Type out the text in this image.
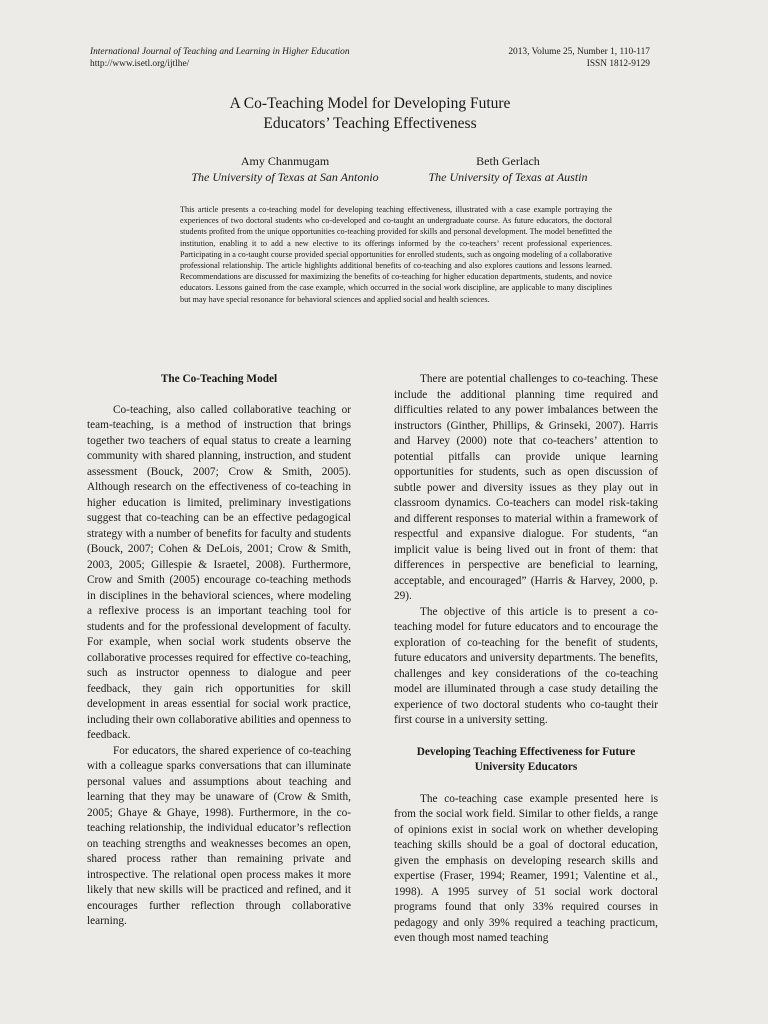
International Journal of Teaching and Learning in Higher Education	2013, Volume 25, Number 1, 110-117
http://www.isetl.org/ijtlhe/	ISSN 1812-9129
A Co-Teaching Model for Developing Future
Educators’ Teaching Effectiveness
Amy Chanmugam
The University of Texas at San Antonio
Beth Gerlach
The University of Texas at Austin
This article presents a co-teaching model for developing teaching effectiveness, illustrated with a case example portraying the experiences of two doctoral students who co-developed and co-taught an undergraduate course. As future educators, the doctoral students profited from the unique opportunities co-teaching provided for skills and personal development. The model benefitted the institution, enabling it to add a new elective to its offerings informed by the co-teachers’ recent professional experiences. Participating in a co-taught course provided special opportunities for enrolled students, such as ongoing modeling of a collaborative professional relationship. The article highlights additional benefits of co-teaching and also explores cautions and lessons learned. Recommendations are discussed for maximizing the benefits of co-teaching for higher education departments, students, and novice educators. Lessons gained from the case example, which occurred in the social work discipline, are applicable to many disciplines but may have special resonance for behavioral sciences and applied social and health sciences.
The Co-Teaching Model

Co-teaching, also called collaborative teaching or team-teaching, is a method of instruction that brings together two teachers of equal status to create a learning community with shared planning, instruction, and student assessment (Bouck, 2007; Crow & Smith, 2005). Although research on the effectiveness of co-teaching in higher education is limited, preliminary investigations suggest that co-teaching can be an effective pedagogical strategy with a number of benefits for faculty and students (Bouck, 2007; Cohen & DeLois, 2001; Crow & Smith, 2003, 2005; Gillespie & Israetel, 2008). Furthermore, Crow and Smith (2005) encourage co-teaching methods in disciplines in the behavioral sciences, where modeling a reflexive process is an important teaching tool for students and for the professional development of faculty. For example, when social work students observe the collaborative processes required for effective co-teaching, such as instructor openness to dialogue and peer feedback, they gain rich opportunities for skill development in areas essential for social work practice, including their own collaborative abilities and openness to feedback.

For educators, the shared experience of co-teaching with a colleague sparks conversations that can illuminate personal values and assumptions about teaching and learning that they may be unaware of (Crow & Smith, 2005; Ghaye & Ghaye, 1998). Furthermore, in the co-teaching relationship, the individual educator’s reflection on teaching strengths and weaknesses becomes an open, shared process rather than remaining private and introspective. The relational open process makes it more likely that new skills will be practiced and refined, and it encourages further reflection through collaborative learning.

There are potential challenges to co-teaching. These include the additional planning time required and difficulties related to any power imbalances between the instructors (Ginther, Phillips, & Grinseki, 2007). Harris and Harvey (2000) note that co-teachers’ attention to potential pitfalls can provide unique learning opportunities for students, such as open discussion of subtle power and diversity issues as they play out in classroom dynamics. Co-teachers can model risk-taking and different responses to material within a framework of respectful and expansive dialogue. For students, “an implicit value is being lived out in front of them: that differences in perspective are beneficial to learning, acceptable, and encouraged” (Harris & Harvey, 2000, p. 29).

The objective of this article is to present a co-teaching model for future educators and to encourage the exploration of co-teaching for the benefit of students, future educators and university departments. The benefits, challenges and key considerations of the co-teaching model are illuminated through a case study detailing the experience of two doctoral students who co-taught their first course in a university setting.

Developing Teaching Effectiveness for Future University Educators

The co-teaching case example presented here is from the social work field. Similar to other fields, a range of opinions exist in social work on whether developing teaching skills should be a goal of doctoral education, given the emphasis on developing research skills and expertise (Fraser, 1994; Reamer, 1991; Valentine et al., 1998). A 1995 survey of 51 social work doctoral programs found that only 33% required courses in pedagogy and only 39% required a teaching practicum, even though most named teaching
